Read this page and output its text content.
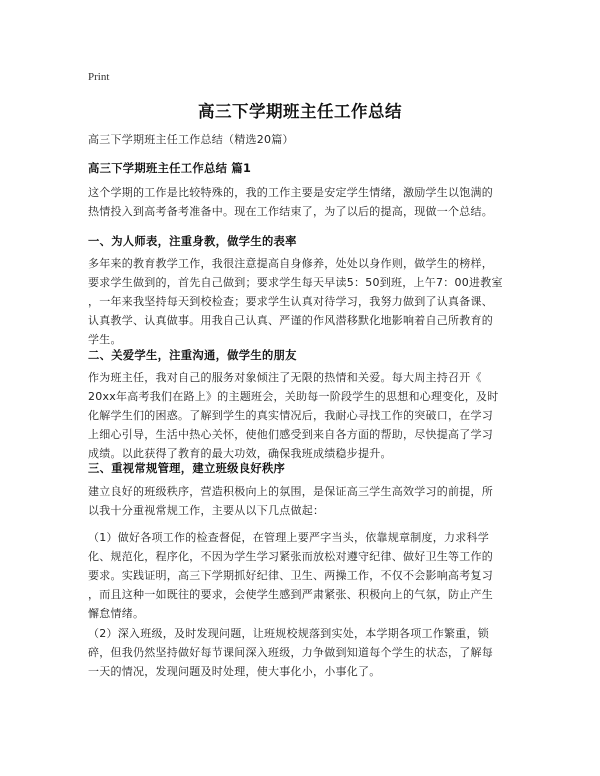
Print
高三下学期班主任工作总结
高三下学期班主任工作总结（精选20篇）
高三下学期班主任工作总结 篇1
这个学期的工作是比较特殊的，我的工作主要是安定学生情绪，激励学生以饱满的
热情投入到高考备考准备中。现在工作结束了，为了以后的提高，现做一个总结。
一、为人师表，注重身教，做学生的表率
多年来的教育教学工作，我很注意提高自身修养，处处以身作则，做学生的榜样，
要求学生做到的，首先自己做到；要求学生每天早读5：50到班，上午7：00进教室
，一年来我坚持每天到校检查；要求学生认真对待学习，我努力做到了认真备课、
认真教学、认真做事。用我自己认真、严谨的作风潜移默化地影响着自己所教育的
学生。
二、关爱学生，注重沟通，做学生的朋友
作为班主任，我对自己的服务对象倾注了无限的热情和关爱。每大周主持召开《
20xx年高考我们在路上》的主题班会，关助每一阶段学生的思想和心理变化，及时
化解学生们的困惑。了解到学生的真实情况后，我耐心寻找工作的突破口，在学习
上细心引导，生活中热心关怀，使他们感受到来自各方面的帮助，尽快提高了学习
成绩。以此获得了教育的最大功效，确保我班成绩稳步提升。
三、重视常规管理，建立班级良好秩序
建立良好的班级秩序，营造积极向上的氛围，是保证高三学生高效学习的前提，所
以我十分重视常规工作，主要从以下几点做起：
（1）做好各项工作的检查督促，在管理上要严字当头，依靠规章制度，力求科学
化、规范化，程序化，不因为学生学习紧张而放松对遵守纪律、做好卫生等工作的
要求。实践证明，高三下学期抓好纪律、卫生、两操工作，不仅不会影响高考复习
，而且这种一如既往的要求，会使学生感到严肃紧张、积极向上的气氛，防止产生
懈怠情绪。
（2）深入班级，及时发现问题，让班规校规落到实处，本学期各项工作繁重，锁
碎，但我仍然坚持做好每节课间深入班级，力争做到知道每个学生的状态，了解每
一天的情况，发现问题及时处理，使大事化小，小事化了。
